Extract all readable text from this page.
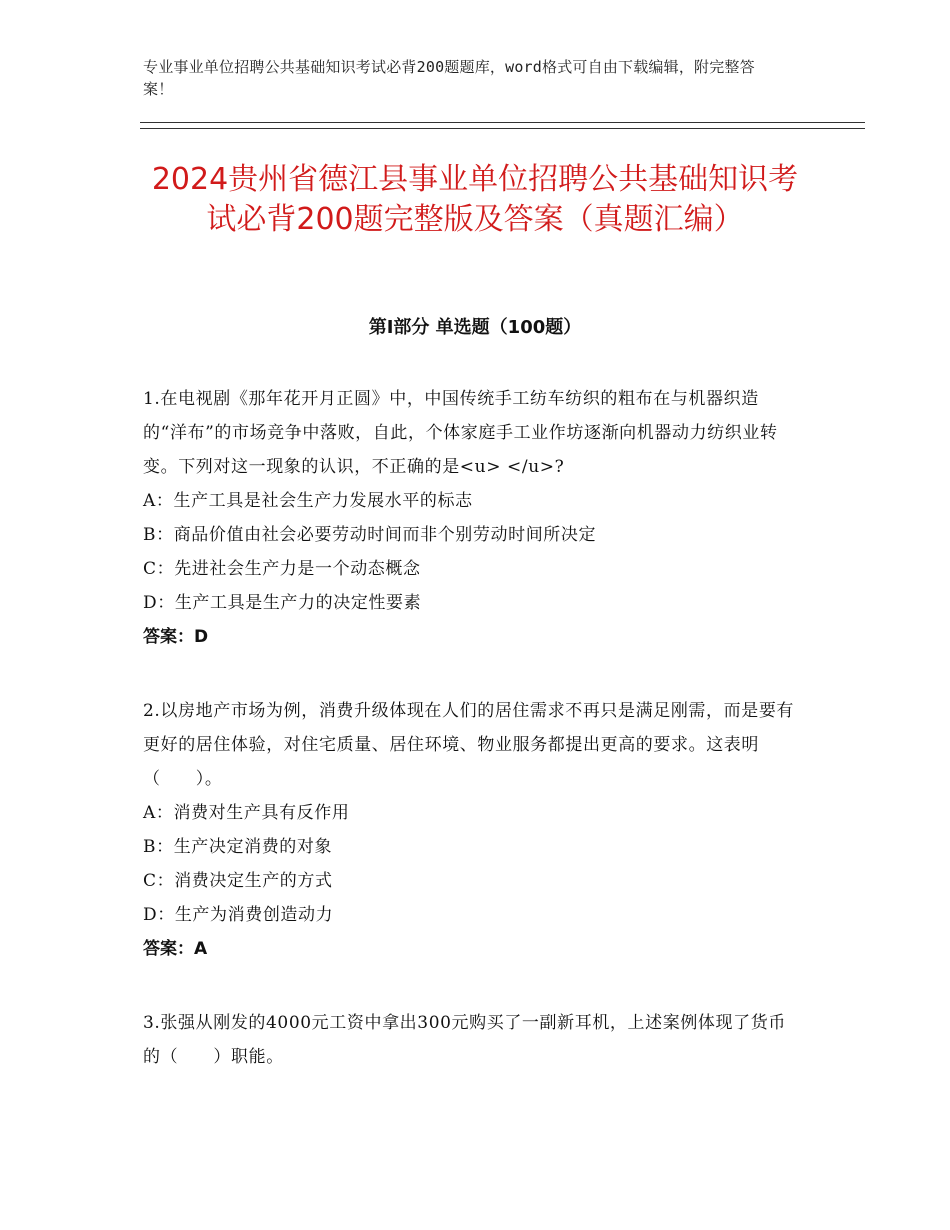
专业事业单位招聘公共基础知识考试必背200题题库，word格式可自由下载编辑，附完整答案！
2024贵州省德江县事业单位招聘公共基础知识考试必背200题完整版及答案（真题汇编）
第Ⅰ部分 单选题（100题）
1.在电视剧《那年花开月正圆》中，中国传统手工纺车纺织的粗布在与机器织造的“洋布”的市场竞争中落败，自此，个体家庭手工业作坊逐渐向机器动力纺织业转变。下列对这一现象的认识，不正确的是<u> </u>?
A：生产工具是社会生产力发展水平的标志
B：商品价值由社会必要劳动时间而非个别劳动时间所决定
C：先进社会生产力是一个动态概念
D：生产工具是生产力的决定性要素
答案：D
2.以房地产市场为例，消费升级体现在人们的居住需求不再只是满足刚需，而是要有更好的居住体验，对住宅质量、居住环境、物业服务都提出更高的要求。这表明（　　）。
A：消费对生产具有反作用
B：生产决定消费的对象
C：消费决定生产的方式
D：生产为消费创造动力
答案：A
3.张强从刚发的4000元工资中拿出300元购买了一副新耳机，上述案例体现了货币的（　　）职能。
